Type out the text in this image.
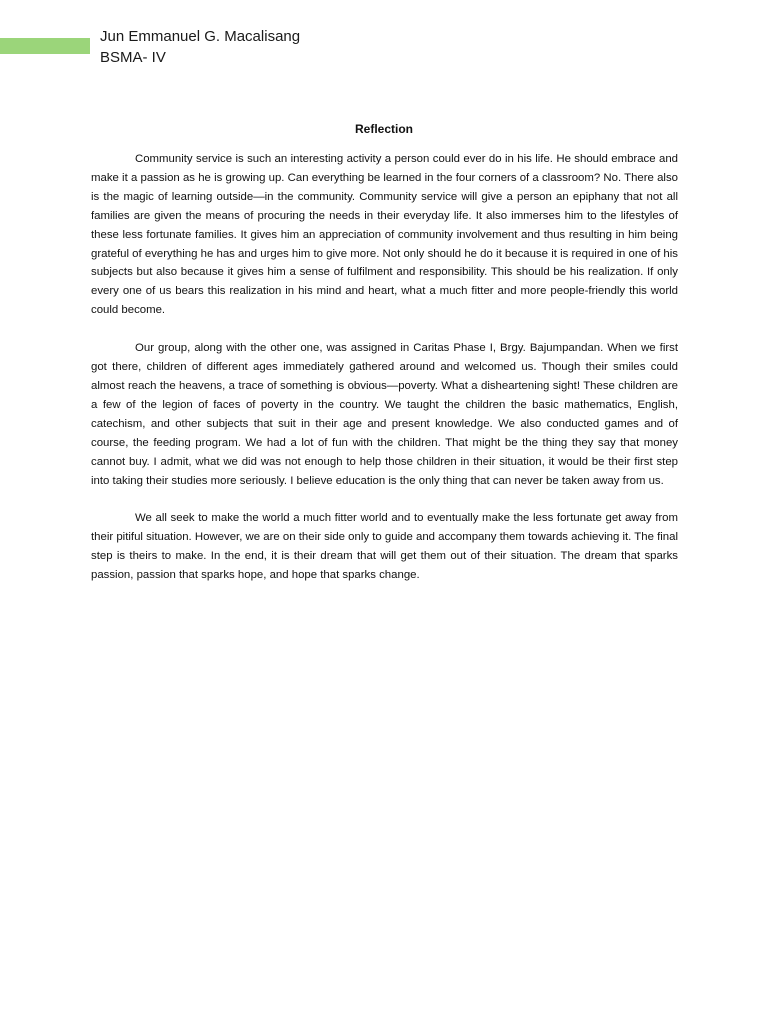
Jun Emmanuel G. Macalisang
BSMA- IV
Reflection

Community service is such an interesting activity a person could ever do in his life. He should embrace and make it a passion as he is growing up. Can everything be learned in the four corners of a classroom? No. There also is the magic of learning outside—in the community. Community service will give a person an epiphany that not all families are given the means of procuring the needs in their everyday life. It also immerses him to the lifestyles of these less fortunate families. It gives him an appreciation of community involvement and thus resulting in him being grateful of everything he has and urges him to give more. Not only should he do it because it is required in one of his subjects but also because it gives him a sense of fulfilment and responsibility. This should be his realization. If only every one of us bears this realization in his mind and heart, what a much fitter and more people-friendly this world could become.

Our group, along with the other one, was assigned in Caritas Phase I, Brgy. Bajumpandan. When we first got there, children of different ages immediately gathered around and welcomed us. Though their smiles could almost reach the heavens, a trace of something is obvious—poverty. What a disheartening sight! These children are a few of the legion of faces of poverty in the country. We taught the children the basic mathematics, English, catechism, and other subjects that suit in their age and present knowledge. We also conducted games and of course, the feeding program. We had a lot of fun with the children. That might be the thing they say that money cannot buy. I admit, what we did was not enough to help those children in their situation, it would be their first step into taking their studies more seriously. I believe education is the only thing that can never be taken away from us.

We all seek to make the world a much fitter world and to eventually make the less fortunate get away from their pitiful situation. However, we are on their side only to guide and accompany them towards achieving it. The final step is theirs to make. In the end, it is their dream that will get them out of their situation. The dream that sparks passion, passion that sparks hope, and hope that sparks change.
